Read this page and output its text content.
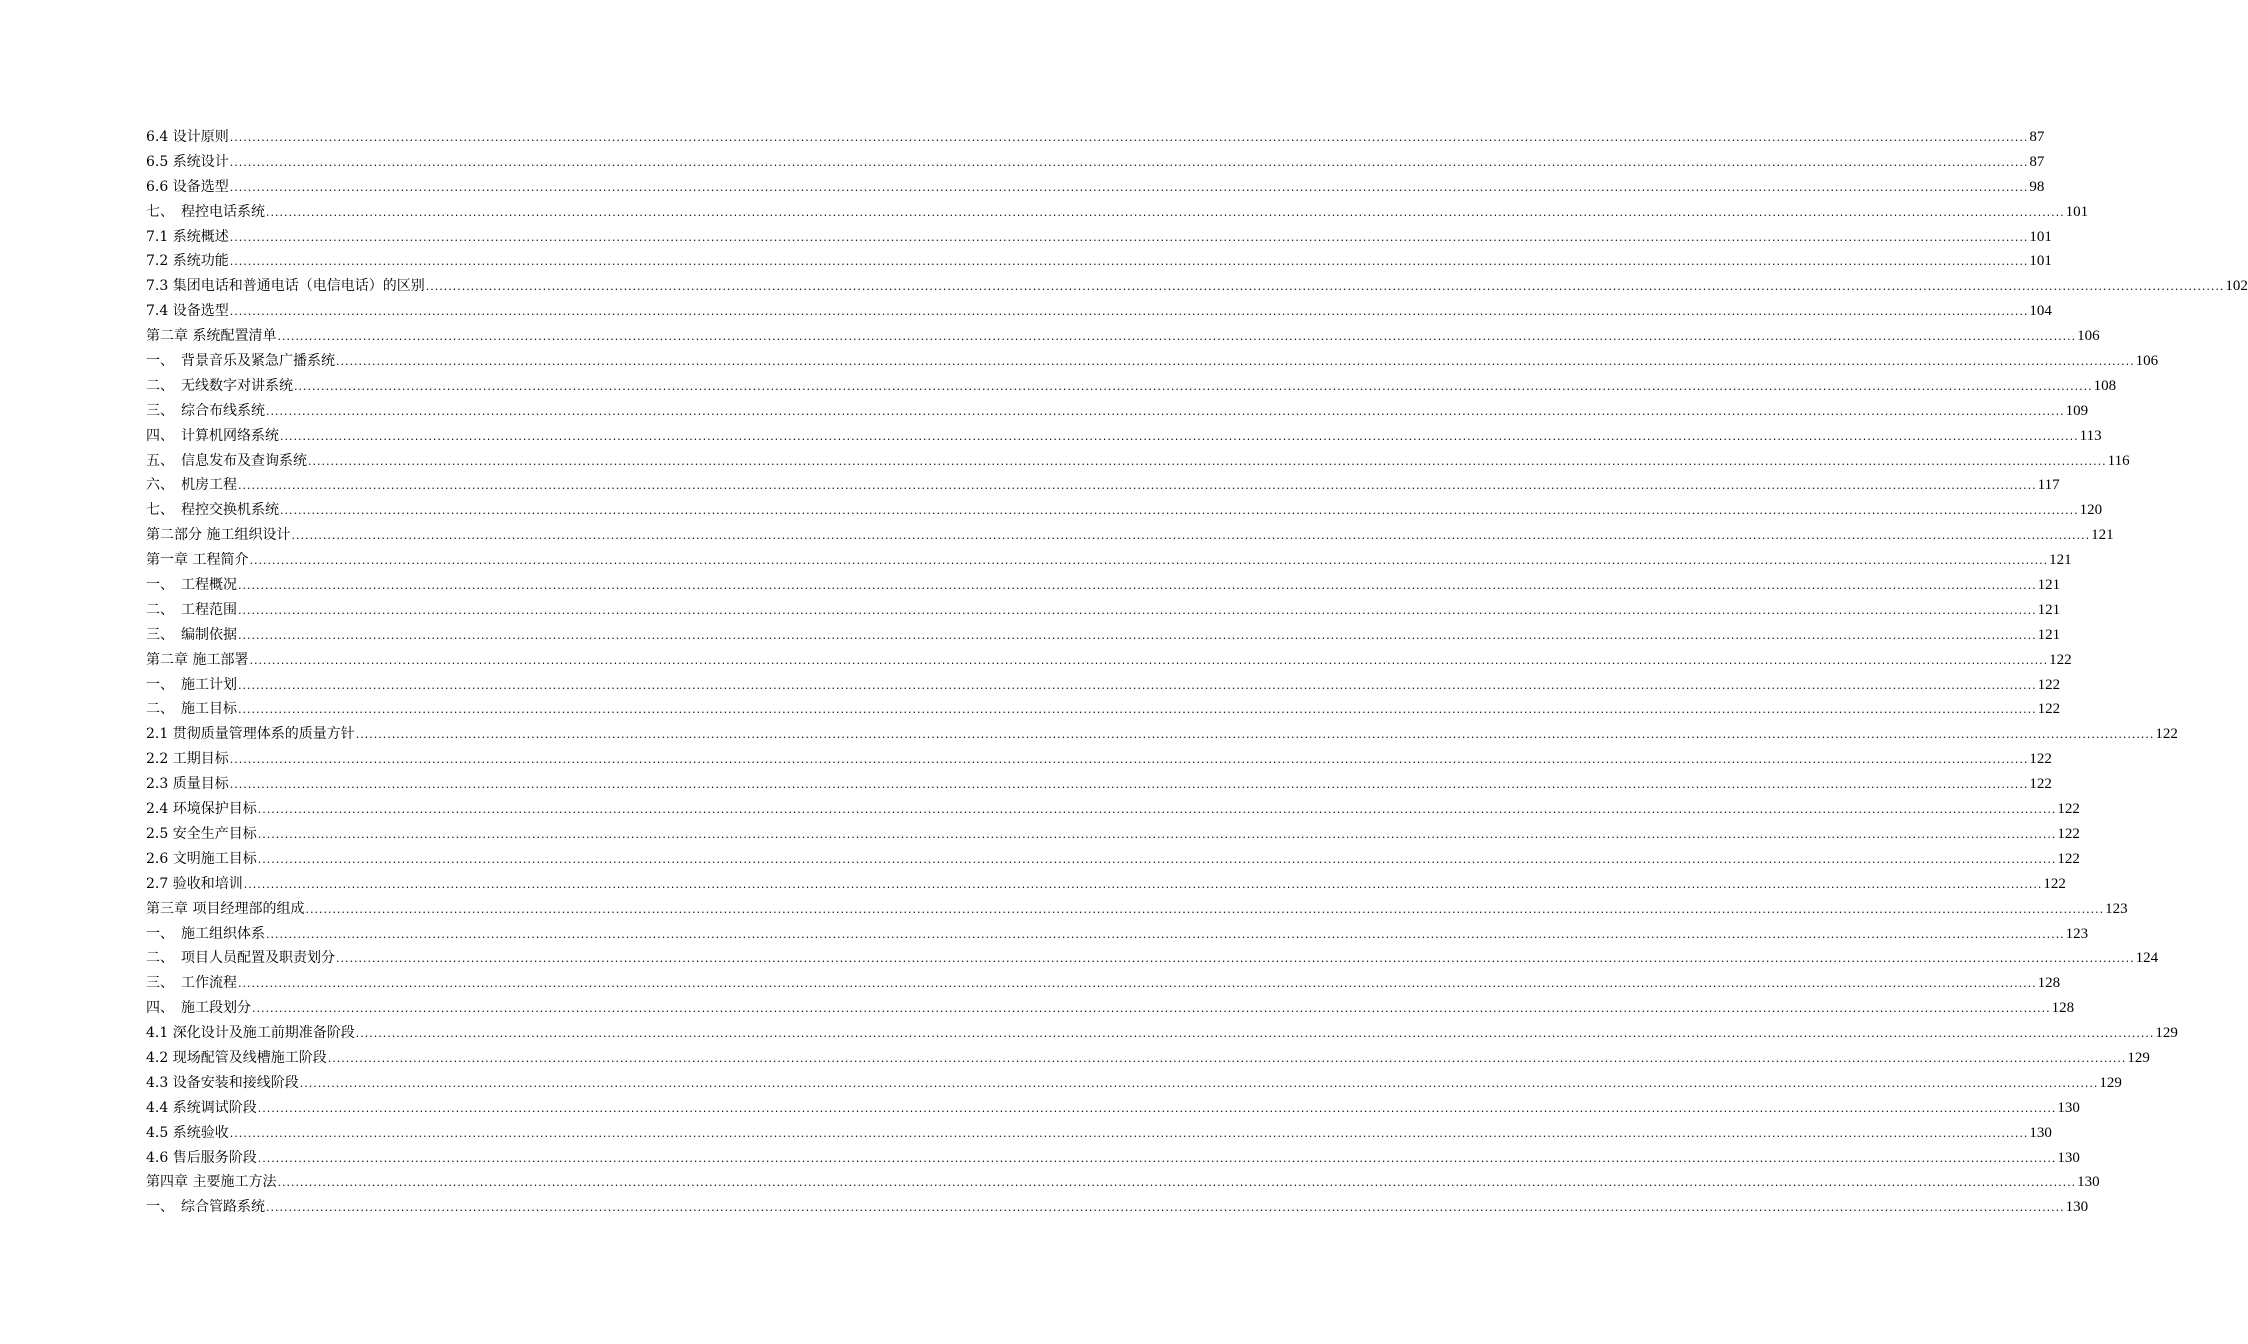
6.4 设计原则 ................................................................................................................................................................................................................................................................................................................................................................................................................ 87
6.5 系统设计 ................................................................................................................................................................................................................................................................................................................................................................................................................ 87
6.6 设备选型 ................................................................................................................................................................................................................................................................................................................................................................................................................ 98
七、　程控电话系统 ................................................................................................................................................................................................................................................................................................................................................................................................................ 101
7.1 系统概述 ................................................................................................................................................................................................................................................................................................................................................................................................................ 101
7.2 系统功能 ................................................................................................................................................................................................................................................................................................................................................................................................................ 101
7.3 集团电话和普通电话（电信电话）的区别 ................................................................................................................................................................................................................................................................................................................................................................................................................ 102
7.4 设备选型 ................................................................................................................................................................................................................................................................................................................................................................................................................ 104
第二章 系统配置清单 ................................................................................................................................................................................................................................................................................................................................................................................................................ 106
一、　背景音乐及紧急广播系统 ................................................................................................................................................................................................................................................................................................................................................................................................................ 106
二、　无线数字对讲系统 ................................................................................................................................................................................................................................................................................................................................................................................................................ 108
三、　综合布线系统 ................................................................................................................................................................................................................................................................................................................................................................................................................ 109
四、　计算机网络系统 ................................................................................................................................................................................................................................................................................................................................................................................................................ 113
五、　信息发布及查询系统 ................................................................................................................................................................................................................................................................................................................................................................................................................ 116
六、　机房工程 ................................................................................................................................................................................................................................................................................................................................................................................................................ 117
七、　程控交换机系统 ................................................................................................................................................................................................................................................................................................................................................................................................................ 120
第二部分 施工组织设计 ................................................................................................................................................................................................................................................................................................................................................................................................................ 121
第一章 工程简介 ................................................................................................................................................................................................................................................................................................................................................................................................................ 121
一、　工程概况 ................................................................................................................................................................................................................................................................................................................................................................................................................ 121
二、　工程范围 ................................................................................................................................................................................................................................................................................................................................................................................................................ 121
三、　编制依据 ................................................................................................................................................................................................................................................................................................................................................................................................................ 121
第二章 施工部署 ................................................................................................................................................................................................................................................................................................................................................................................................................ 122
一、　施工计划 ................................................................................................................................................................................................................................................................................................................................................................................................................ 122
二、　施工目标 ................................................................................................................................................................................................................................................................................................................................................................................................................ 122
2.1 贯彻质量管理体系的质量方针 ................................................................................................................................................................................................................................................................................................................................................................................................................ 122
2.2 工期目标 ................................................................................................................................................................................................................................................................................................................................................................................................................ 122
2.3 质量目标 ................................................................................................................................................................................................................................................................................................................................................................................................................ 122
2.4 环境保护目标 ................................................................................................................................................................................................................................................................................................................................................................................................................ 122
2.5 安全生产目标 ................................................................................................................................................................................................................................................................................................................................................................................................................ 122
2.6 文明施工目标 ................................................................................................................................................................................................................................................................................................................................................................................................................ 122
2.7 验收和培训 ................................................................................................................................................................................................................................................................................................................................................................................................................ 122
第三章 项目经理部的组成 ................................................................................................................................................................................................................................................................................................................................................................................................................ 123
一、　施工组织体系 ................................................................................................................................................................................................................................................................................................................................................................................................................ 123
二、　项目人员配置及职责划分 ................................................................................................................................................................................................................................................................................................................................................................................................................ 124
三、　工作流程 ................................................................................................................................................................................................................................................................................................................................................................................................................ 128
四、　施工段划分 ................................................................................................................................................................................................................................................................................................................................................................................................................ 128
4.1 深化设计及施工前期准备阶段 ................................................................................................................................................................................................................................................................................................................................................................................................................ 129
4.2 现场配管及线槽施工阶段 ................................................................................................................................................................................................................................................................................................................................................................................................................ 129
4.3 设备安装和接线阶段 ................................................................................................................................................................................................................................................................................................................................................................................................................ 129
4.4 系统调试阶段 ................................................................................................................................................................................................................................................................................................................................................................................................................ 130
4.5 系统验收 ................................................................................................................................................................................................................................................................................................................................................................................................................ 130
4.6 售后服务阶段 ................................................................................................................................................................................................................................................................................................................................................................................................................ 130
第四章 主要施工方法 ................................................................................................................................................................................................................................................................................................................................................................................................................ 130
一、　综合管路系统 ................................................................................................................................................................................................................................................................................................................................................................................................................ 130
